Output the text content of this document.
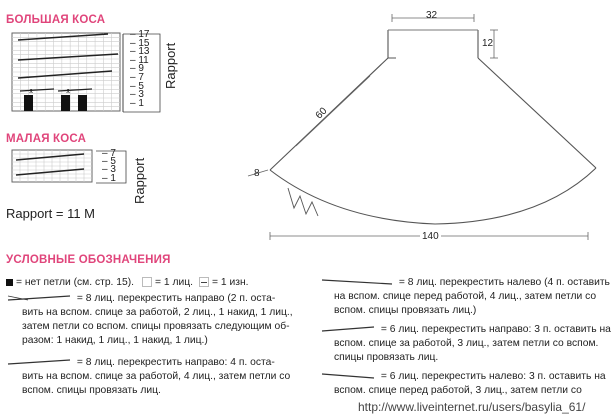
БОЛЬШАЯ КОСА
ᴥ	ᴥ
– 17
– 15
– 13
– 11
– 9
– 7
– 5
– 3
– 1
Rapport
МАЛАЯ КОСА
– 7
– 5
– 3
– 1 Rapport
Rapport = 11 М
32
12
60
8
140
УСЛОВНЫЕ ОБОЗНАЧЕНИЯ
= нет петли (см. стр. 15). = 1 лиц. = 1 изн.
= 8 лиц. перекрестить направо (2 п. оста-
вить на вспом. спице за работой, 2 лиц., 1 накид, 1 лиц.,
затем петли со вспом. спицы провязать следующим об-
разом: 1 накид, 1 лиц., 1 накид, 1 лиц.)
= 8 лиц. перекрестить направо: 4 п. оста-
вить на вспом. спице за работой, 4 лиц., затем петли со
вспом. спицы провязать лиц.
= 8 лиц. перекрестить налево (4 п. оставить
на вспом. спице перед работой, 4 лиц., затем петли со
вспом. спицы провязать лиц.)
= 6 лиц. перекрестить направо: 3 п. оставить на
вспом. спице за работой, 3 лиц., затем петли со вспом.
спицы провязать лиц.
= 6 лиц. перекрестить налево: 3 п. оставить на
вспом. спице перед работой, 3 лиц., затем петли со
http://www.liveinternet.ru/users/basylia_61/
